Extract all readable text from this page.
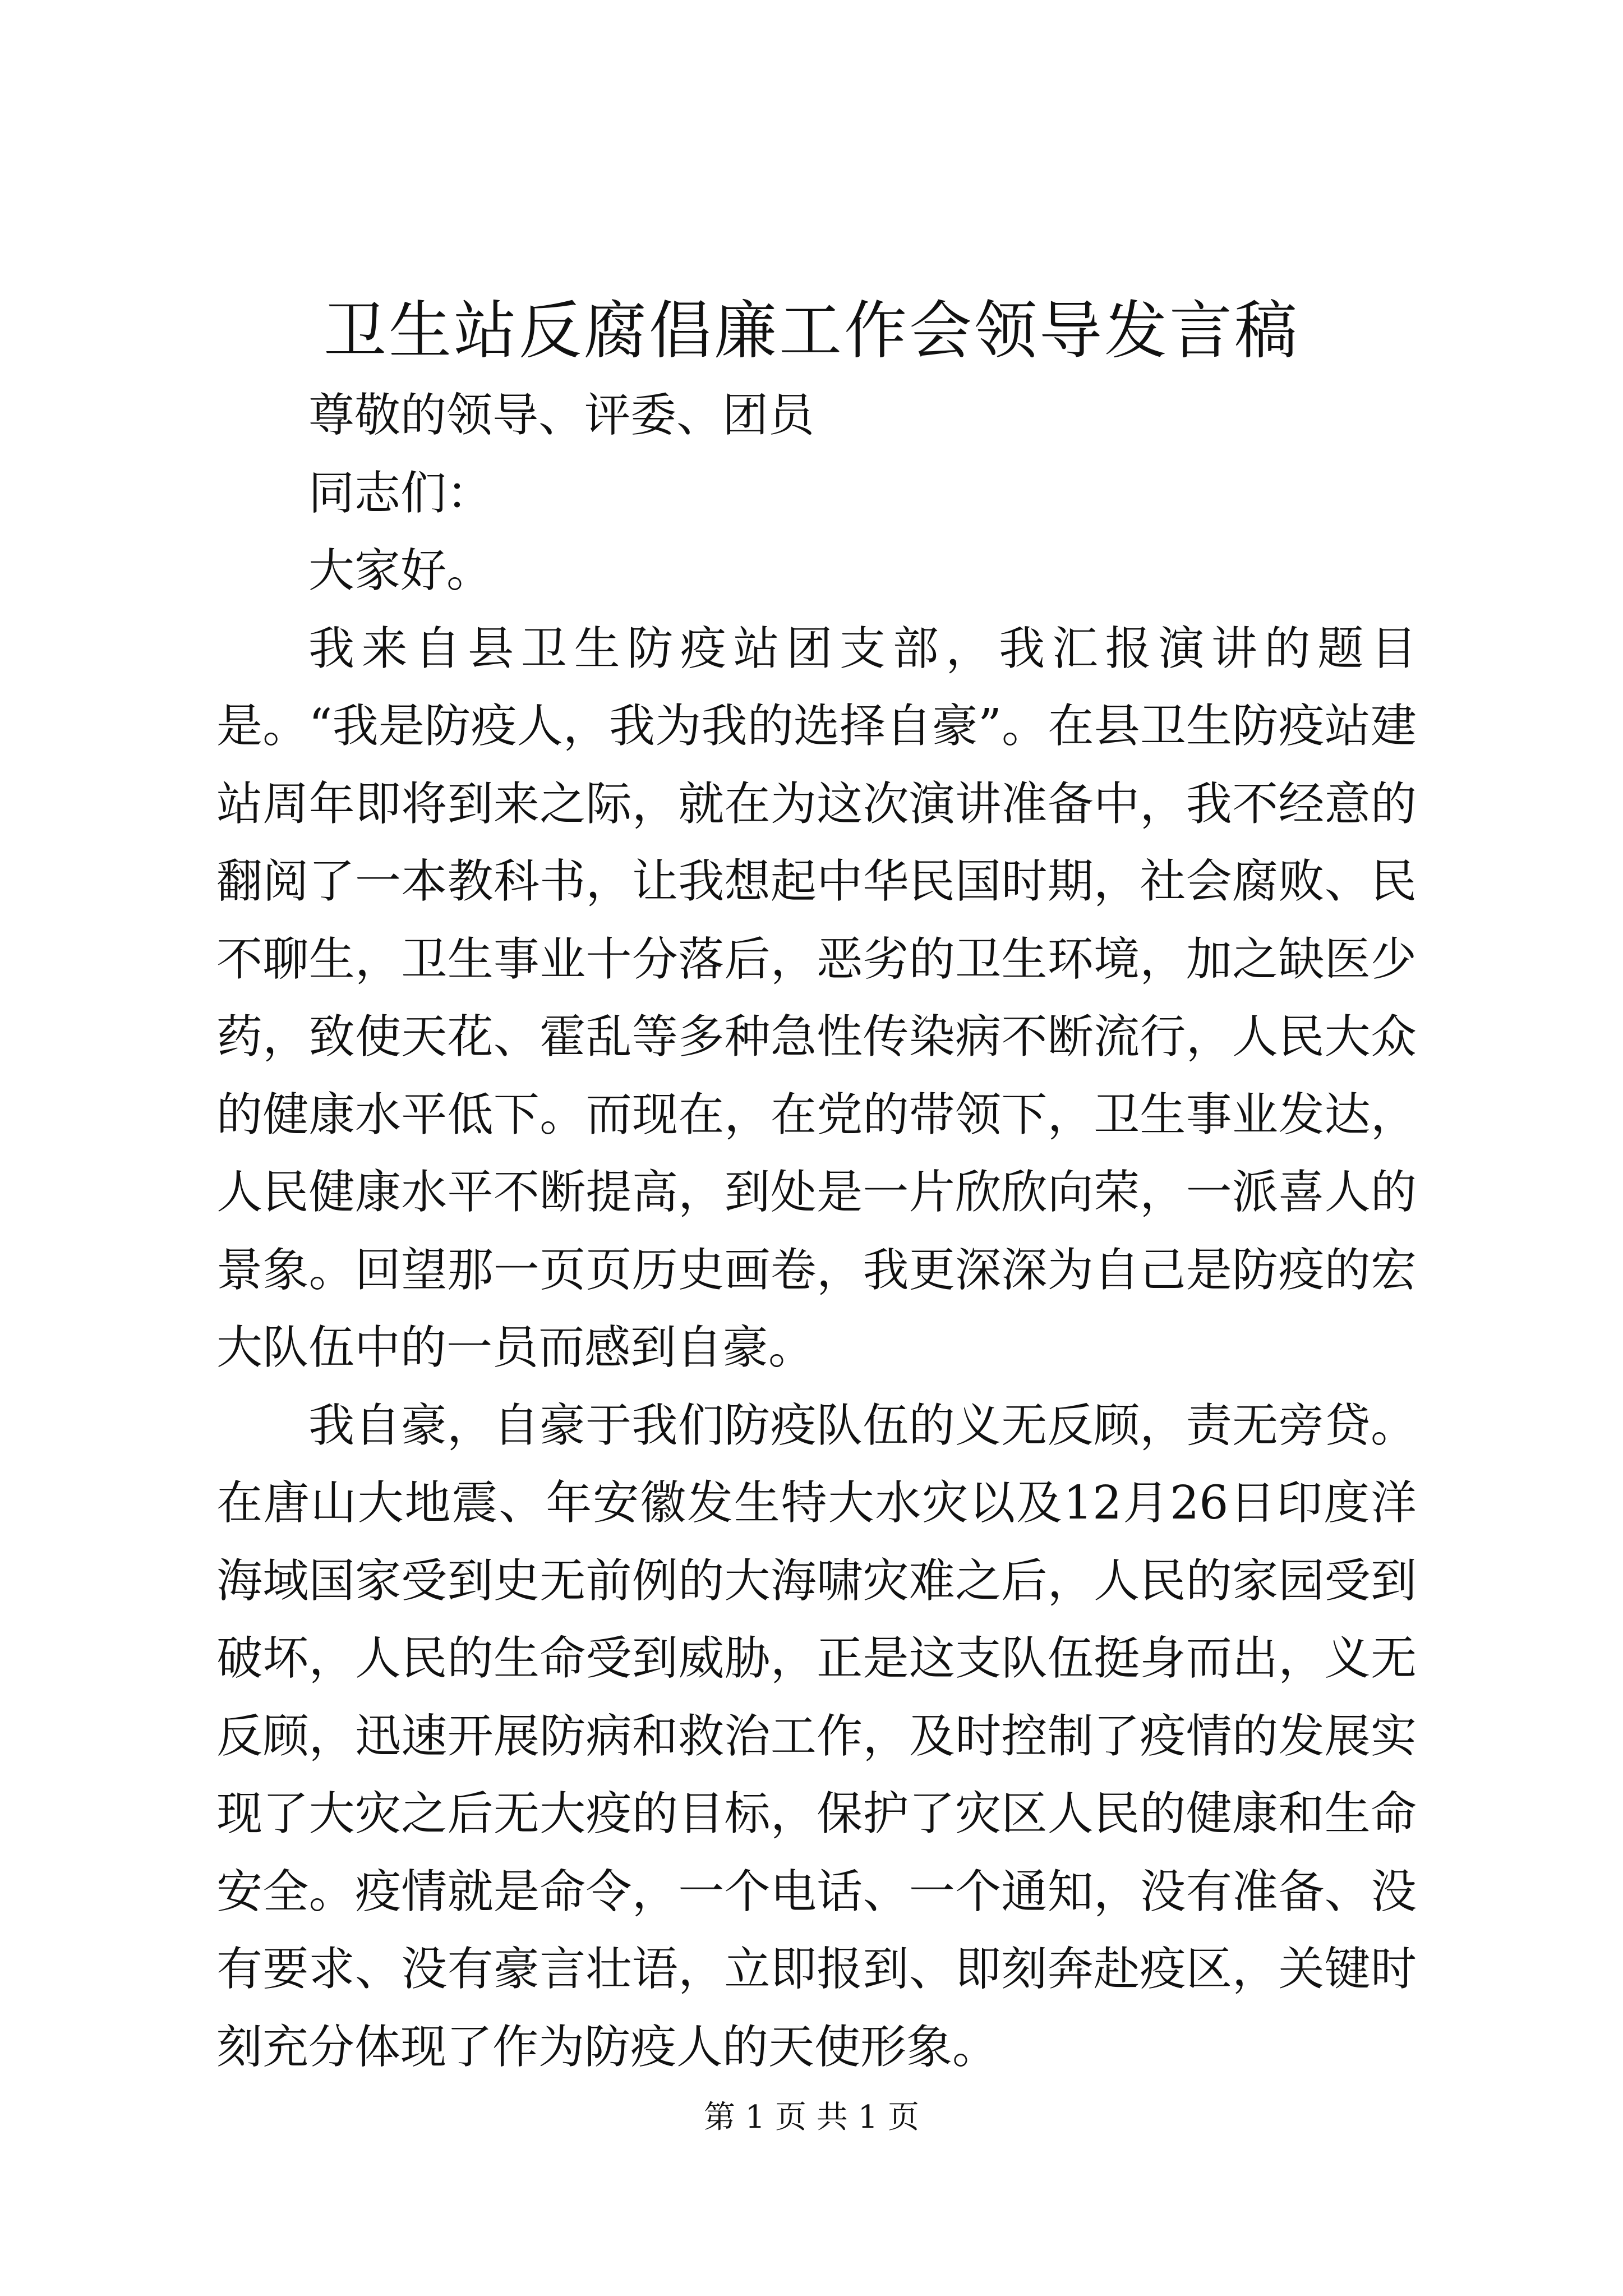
卫生站反腐倡廉工作会领导发言稿

尊敬的领导、评委、团员

同志们：

大家好。

我来自县卫生防疫站团支部，我汇报演讲的题目是。“我是防疫人，我为我的选择自豪”。在县卫生防疫站建站周年即将到来之际，就在为这次演讲准备中，我不经意的翻阅了一本教科书，让我想起中华民国时期，社会腐败、民不聊生，卫生事业十分落后，恶劣的卫生环境，加之缺医少药，致使天花、霍乱等多种急性传染病不断流行，人民大众的健康水平低下。而现在，在党的带领下，卫生事业发达，人民健康水平不断提高，到处是一片欣欣向荣，一派喜人的景象。回望那一页页历史画卷，我更深深为自己是防疫的宏大队伍中的一员而感到自豪。

我自豪，自豪于我们防疫队伍的义无反顾，责无旁贷。在唐山大地震、年安徽发生特大水灾以及12月26日印度洋海域国家受到史无前例的大海啸灾难之后，人民的家园受到破坏，人民的生命受到威胁，正是这支队伍挺身而出，义无反顾，迅速开展防病和救治工作，及时控制了疫情的发展实现了大灾之后无大疫的目标，保护了灾区人民的健康和生命安全。疫情就是命令，一个电话、一个通知，没有准备、没有要求、没有豪言壮语，立即报到、即刻奔赴疫区，关键时刻充分体现了作为防疫人的天使形象。

第 1 页 共 1 页
